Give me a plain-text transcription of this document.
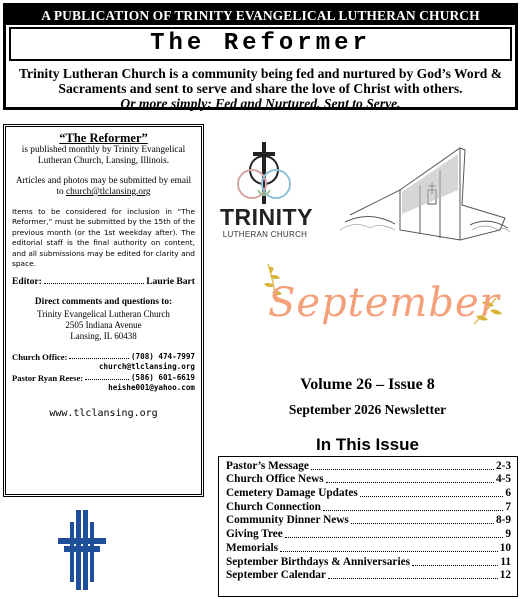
A PUBLICATION OF TRINITY EVANGELICAL LUTHERAN CHURCH
The Reformer
Trinity Lutheran Church is a community being fed and nurtured by God’s Word & Sacraments and sent to serve and share the love of Christ with others.
Or more simply: Fed and Nurtured, Sent to Serve.
“The Reformer”

is published monthly by Trinity Evangelical Lutheran Church, Lansing, Illinois.

Articles and photos may be submitted by email to church@tlclansing.org

Items to be considered for inclusion in “The Reformer,” must be submitted by the 15th of the previous month (or the 1st weekday after). The editorial staff is the final authority on content, and all submissions may be edited for clarity and space.

Editor:	Laurie Bart
Direct comments and questions to:
Trinity Evangelical Lutheran Church
2505 Indiana Avenue
Lansing, IL 60438
Church Office:	(708) 474-7997
church@tlclansing.org
Pastor Ryan Reese:	(586) 601-6619
heishe001@yahoo.com
www.tlclansing.org
TRINITY
LUTHERAN CHURCH
September
Volume 26 – Issue 8
September 2026 Newsletter
In This Issue
Pastor’s Message	2-3
Church Office News	4-5
Cemetery Damage Updates	6
Church Connection	7
Community Dinner News	8-9
Giving Tree	9
Memorials	10
September Birthdays & Anniversaries	11
September Calendar	12
